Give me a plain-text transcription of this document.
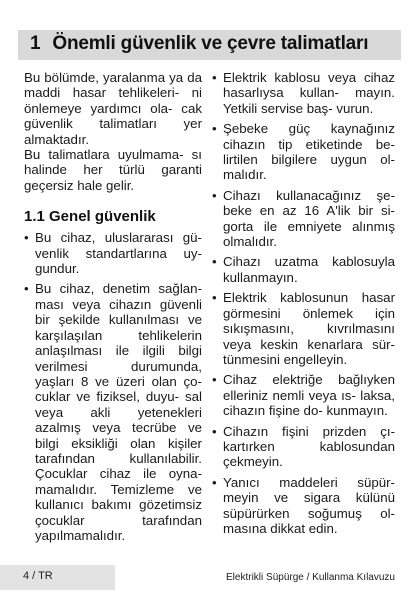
1 Önemli güvenlik ve çevre talimatları

Bu bölümde, yaralanma ya da maddi hasar tehlikeleri- ni önlemeye yardımcı ola- cak güvenlik talimatları yer almaktadır.

Bu talimatlara uyulmama- sı halinde her türlü garanti geçersiz hale gelir.

1.1 Genel güvenlik
• Bu cihaz, uluslararası gü- venlik standartlarına uy- gundur.
• Bu cihaz, denetim sağlan- ması veya cihazın güvenli bir şekilde kullanılması ve karşılaşılan tehlikelerin anlaşılması ile ilgili bilgi verilmesi durumunda, yaşları 8 ve üzeri olan ço- cuklar ve fiziksel, duyu- sal veya akli yetenekleri azalmış veya tecrübe ve bilgi eksikliği olan kişiler tarafından kullanılabilir. Çocuklar cihaz ile oyna- mamalıdır. Temizleme ve kullanıcı bakımı gözetimsiz çocuklar tarafından yapılmamalıdır.
• Elektrik kablosu veya cihaz hasarlıysa kullan- mayın. Yetkili servise baş- vurun.
• Şebeke güç kaynağınız cihazın tip etiketinde be- lirtilen bilgilere uygun ol- malıdır.
• Cihazı kullanacağınız şe- beke en az 16 A'lik bir si- gorta ile emniyete alınmış olmalıdır.
• Cihazı uzatma kablosuyla kullanmayın.
• Elektrik kablosunun hasar görmesini önlemek için sıkışmasını, kıvrılmasını veya keskin kenarlara sür- tünmesini engelleyin.
• Cihaz elektriğe bağlıyken elleriniz nemli veya ıs- laksa, cihazın fişine do- kunmayın.
• Cihazın fişini prizden çı- kartırken kablosundan çekmeyin.
• Yanıcı maddeleri süpür- meyin ve sigara külünü süpürürken soğumuş ol- masına dikkat edin.
4 / TR	Elektrikli Süpürge / Kullanma Kılavuzu
